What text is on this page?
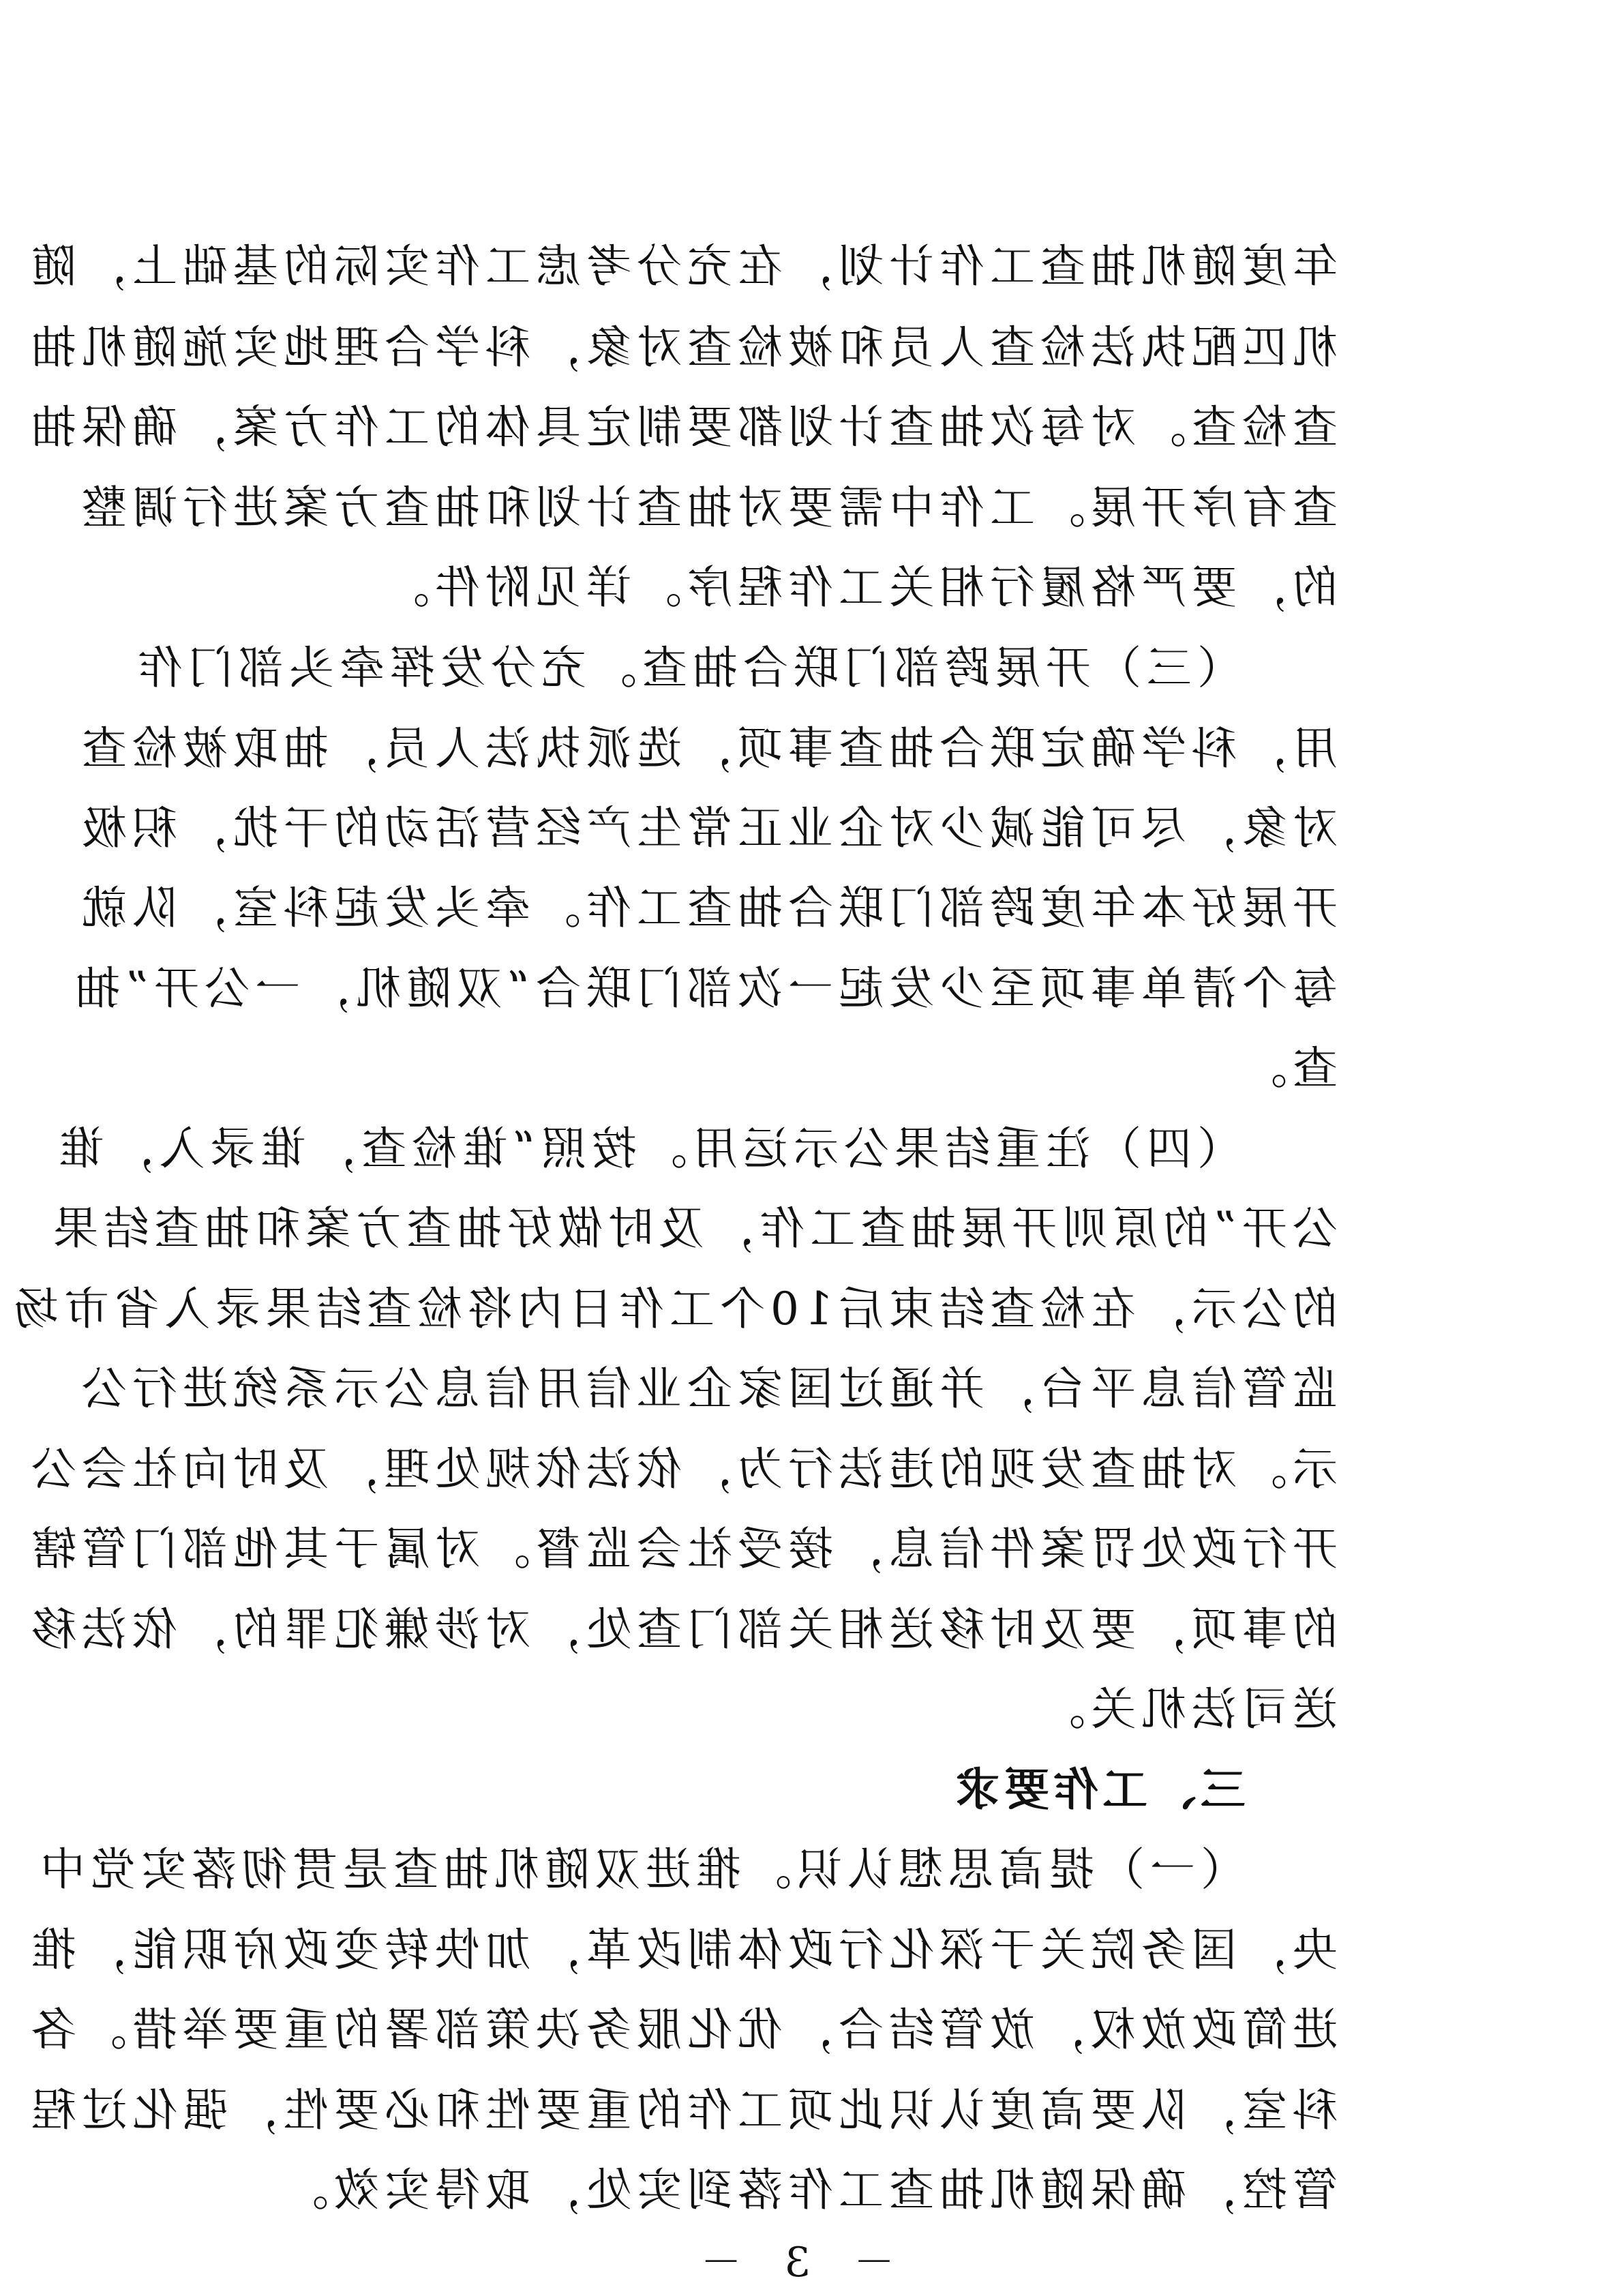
年度随机抽查工作计划，在充分考虑工作实际的基础上，随
机匹配执法检查人员和被检查对象，科学合理地实施随机抽
查检查。对每次抽查计划都要制定具体的工作方案，确保抽
查有序开展。工作中需要对抽查计划和抽查方案进行调整
的，要严格履行相关工作程序。详见附件。
（三）开展跨部门联合抽查。充分发挥牵头部门作
用，科学确定联合抽查事项，选派执法人员，抽取被检查
对象，尽可能减少对企业正常生产经营活动的干扰，积极
开展好本年度跨部门联合抽查工作。牵头发起科室，队就
每个清单事项至少发起一次部门联合“双随机，一公开”抽
查。
（四）注重结果公示运用。按照“谁检查，谁录入，谁
公开”的原则开展抽查工作，及时做好抽查方案和抽查结果
的公示，在检查结束后10个工作日内将检查结果录入省市场
监管信息平台，并通过国家企业信用信息公示系统进行公
示。对抽查发现的违法行为，依法依规处理，及时向社会公
开行政处罚案件信息，接受社会监督。对属于其他部门管辖
的事项，要及时移送相关部门查处，对涉嫌犯罪的，依法移
送司法机关。
三、工作要求
（一）提高思想认识。推进双随机抽查是贯彻落实党中
央，国务院关于深化行政体制改革，加快转变政府职能，推
进简政放权，放管结合，优化服务决策部署的重要举措。各
科室，队要高度认识此项工作的重要性和必要性，强化过程
管控，确保随机抽查工作落到实处，取得实效。
－ 3 －
